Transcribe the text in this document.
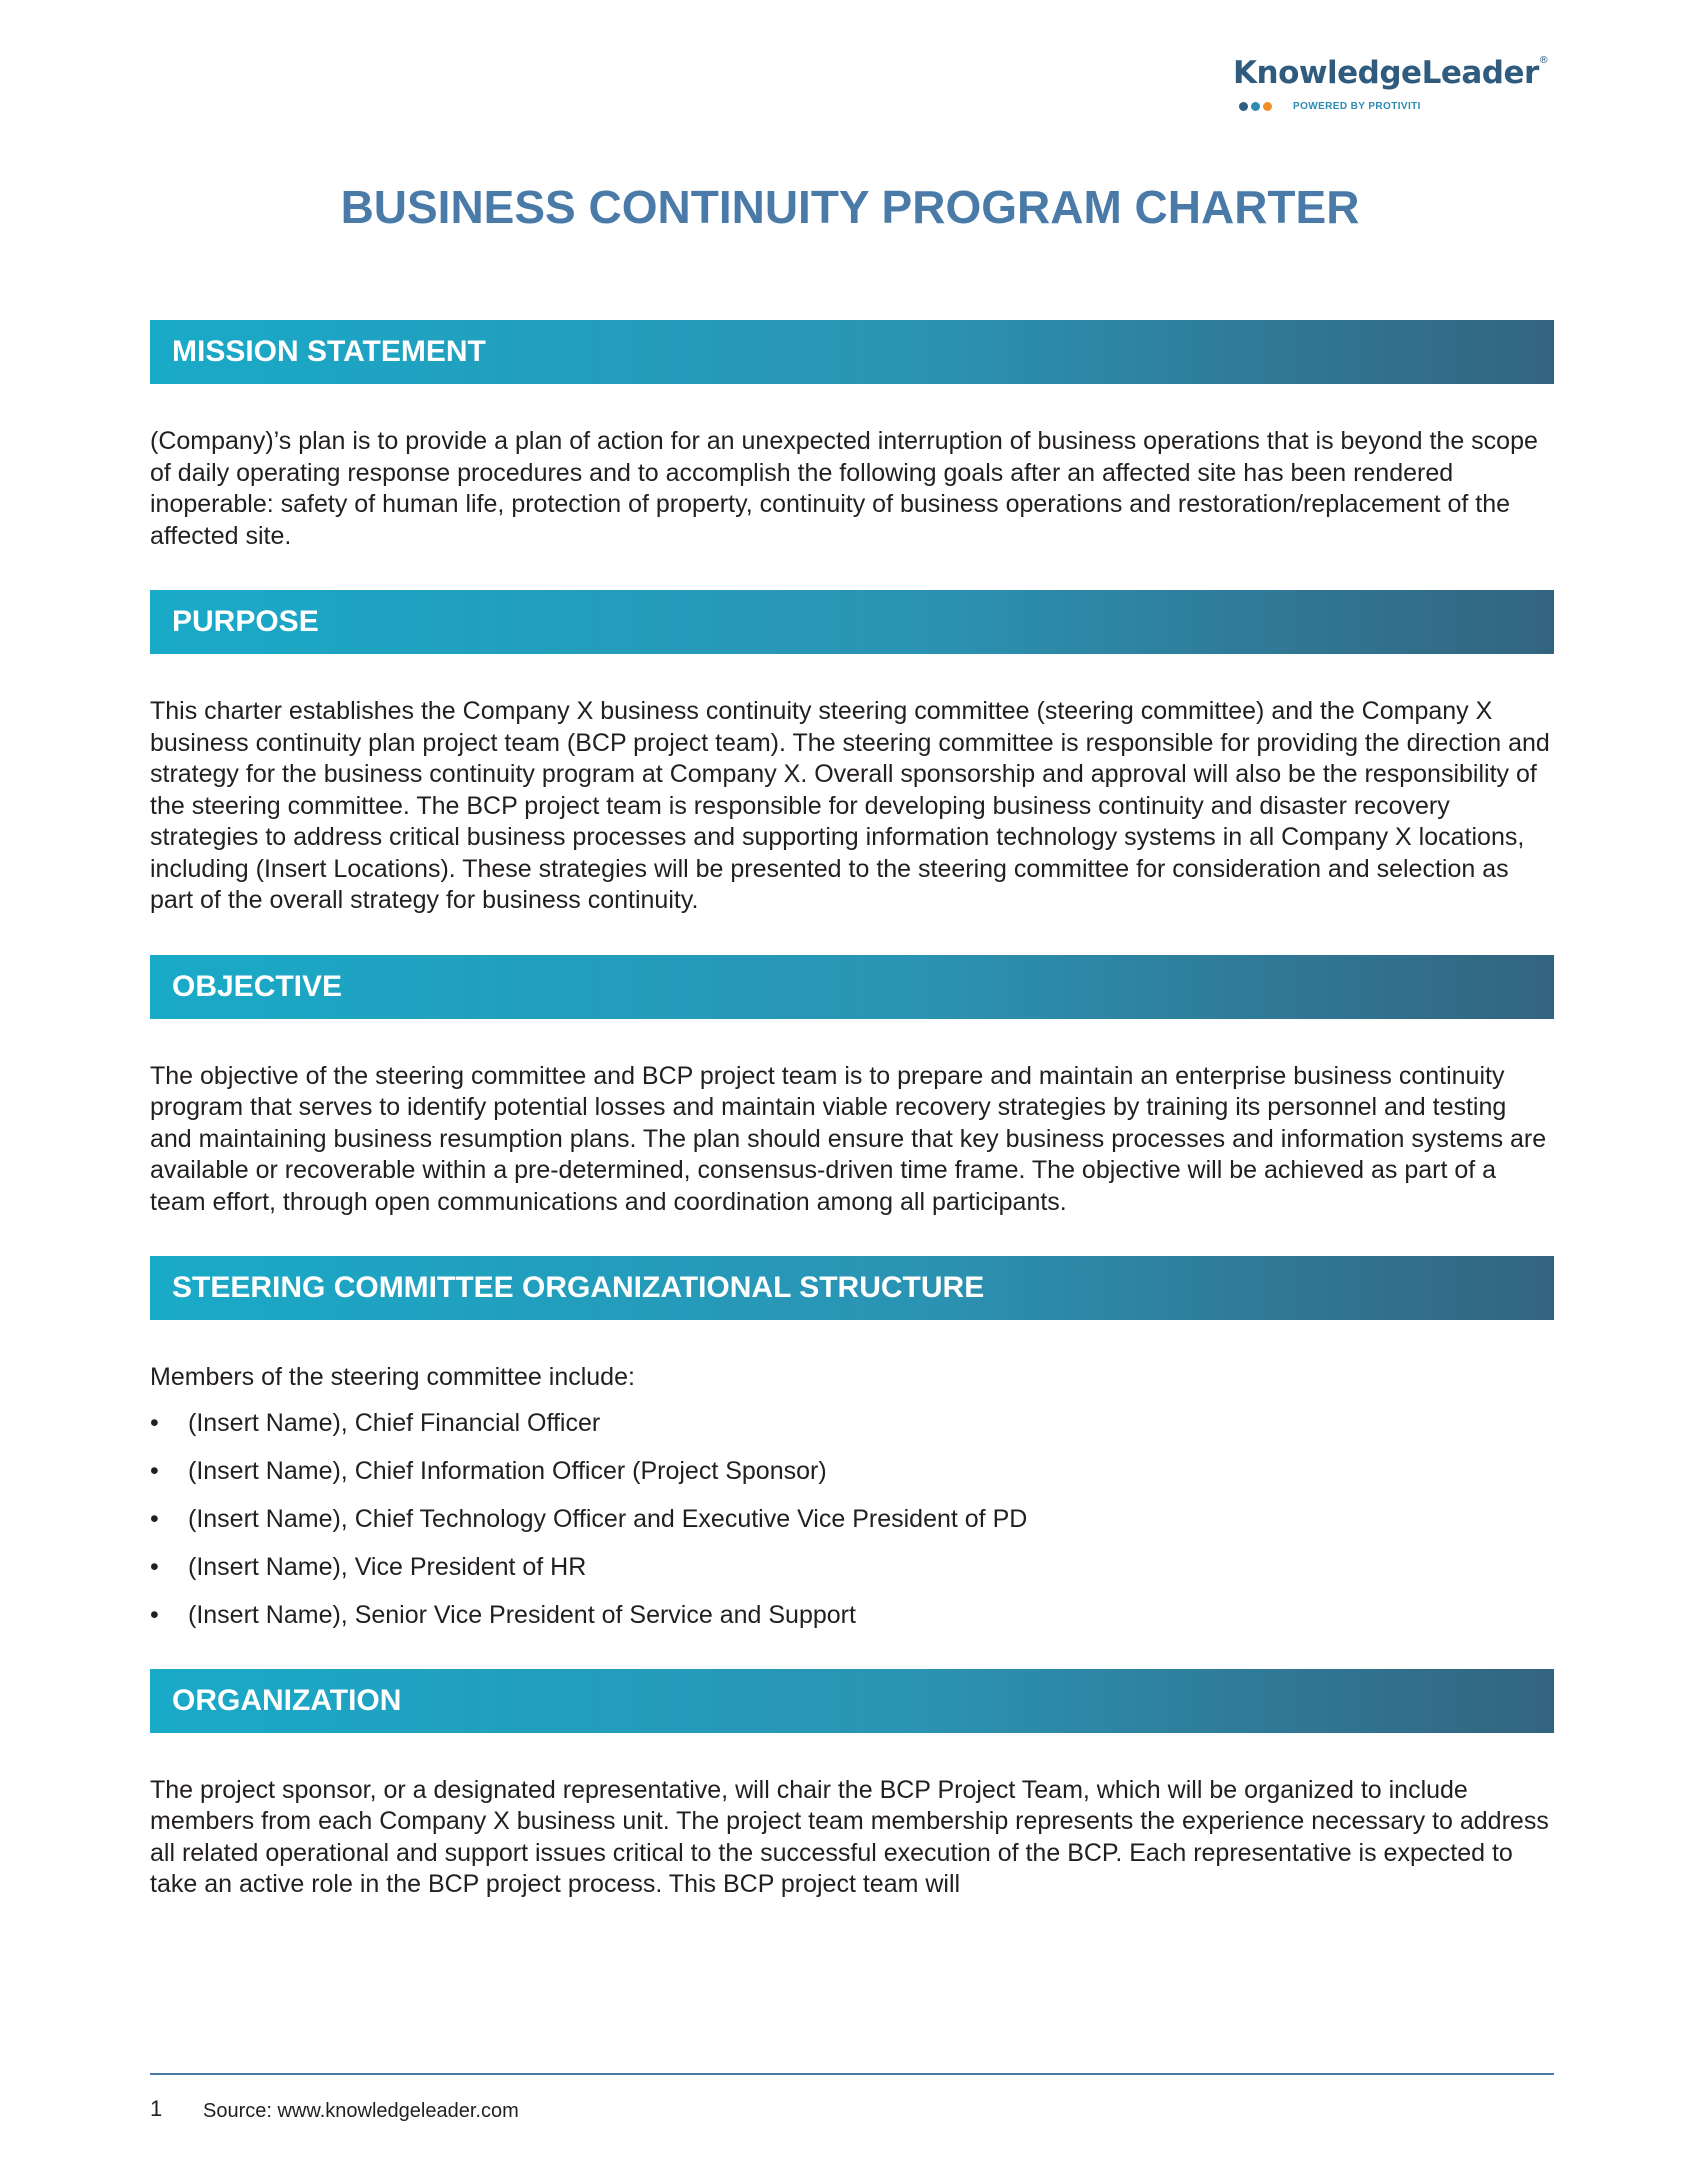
KnowledgeLeader®
POWERED BY PROTIVITI
BUSINESS CONTINUITY PROGRAM CHARTER
MISSION STATEMENT

(Company)’s plan is to provide a plan of action for an unexpected interruption of business operations that is beyond the scope of daily operating response procedures and to accomplish the following goals after an affected site has been rendered inoperable: safety of human life, protection of property, continuity of business operations and restoration/replacement of the affected site.

PURPOSE

This charter establishes the Company X business continuity steering committee (steering committee) and the Company X business continuity plan project team (BCP project team). The steering committee is responsible for providing the direction and strategy for the business continuity program at Company X. Overall sponsorship and approval will also be the responsibility of the steering committee. The BCP project team is responsible for developing business continuity and disaster recovery strategies to address critical business processes and supporting information technology systems in all Company X locations, including (Insert Locations). These strategies will be presented to the steering committee for consideration and selection as part of the overall strategy for business continuity.

OBJECTIVE

The objective of the steering committee and BCP project team is to prepare and maintain an enterprise business continuity program that serves to identify potential losses and maintain viable recovery strategies by training its personnel and testing and maintaining business resumption plans. The plan should ensure that key business processes and information systems are available or recoverable within a pre-determined, consensus-driven time frame. The objective will be achieved as part of a team effort, through open communications and coordination among all participants.

STEERING COMMITTEE ORGANIZATIONAL STRUCTURE

Members of the steering committee include:

•	(Insert Name), Chief Financial Officer
•	(Insert Name), Chief Information Officer (Project Sponsor)
•	(Insert Name), Chief Technology Officer and Executive Vice President of PD
•	(Insert Name), Vice President of HR
•	(Insert Name), Senior Vice President of Service and Support
ORGANIZATION

The project sponsor, or a designated representative, will chair the BCP Project Team, which will be organized to include members from each Company X business unit. The project team membership represents the experience necessary to address all related operational and support issues critical to the successful execution of the BCP. Each representative is expected to take an active role in the BCP project process. This BCP project team will

1 Source: www.knowledgeleader.com
